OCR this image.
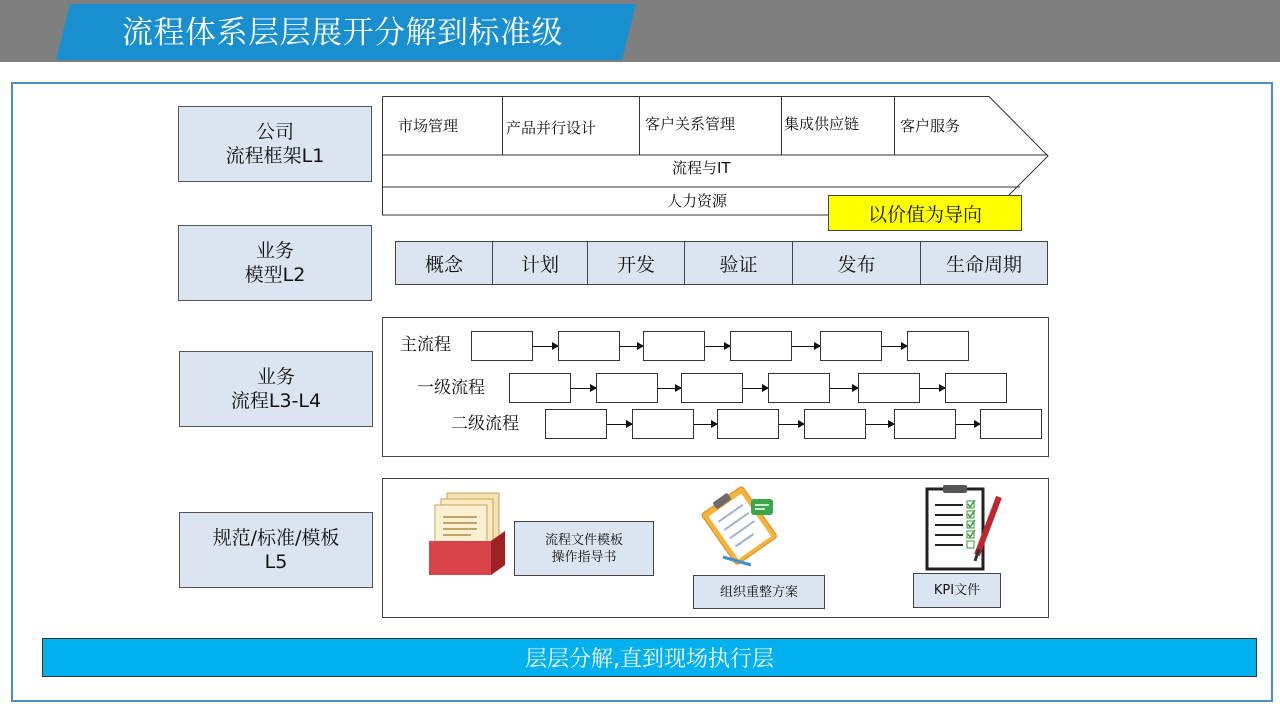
流程体系层层展开分解到标准级
公司
流程框架L1
业务
模型L2
业务
流程L3-L4
规范/标准/模板
L5
市场管理	产品并行设计	客户关系管理	集成供应链	客户服务
流程与IT
人力资源
以价值为导向
概念	计划	开发	验证	发布	生命周期
主流程
一级流程
二级流程
流程文件模板
操作指导书
组织重整方案	KPI文件
层层分解,直到现场执行层
